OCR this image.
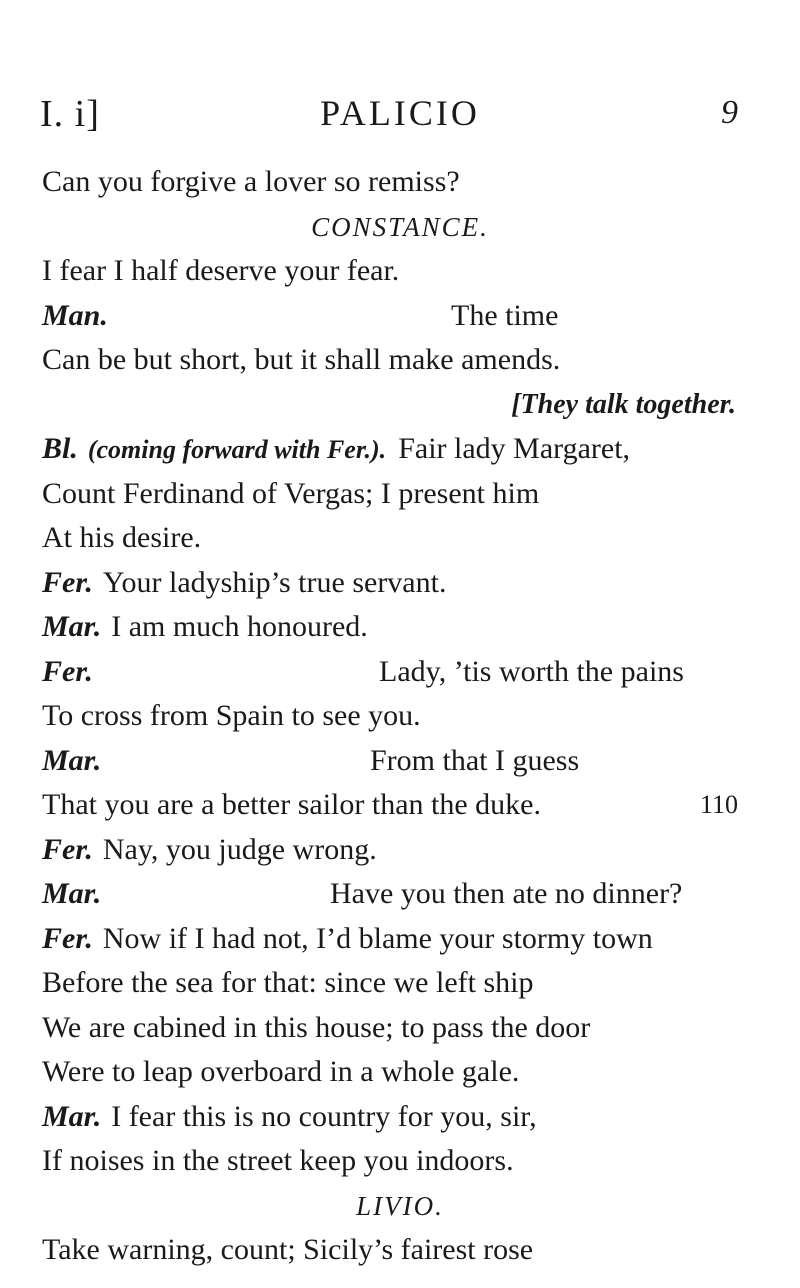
I. i]	PALICIO	9
Can you forgive a lover so remiss?
CONSTANCE.
I fear I half deserve your fear.
Man.	The time
Can be but short, but it shall make amends.
[They talk together.
Bl. (coming forward with Fer.). Fair lady Margaret,
Count Ferdinand of Vergas; I present him
At his desire.
Fer. Your ladyship’s true servant.
Mar. I am much honoured.
Fer.	Lady, ’tis worth the pains
To cross from Spain to see you.
Mar.	From that I guess
110
That you are a better sailor than the duke.
Fer. Nay, you judge wrong.
Mar.	Have you then ate no dinner?
Fer. Now if I had not, I’d blame your stormy town
Before the sea for that: since we left ship
We are cabined in this house; to pass the door
Were to leap overboard in a whole gale.
Mar. I fear this is no country for you, sir,
If noises in the street keep you indoors.
LIVIO.
Take warning, count; Sicily’s fairest rose
